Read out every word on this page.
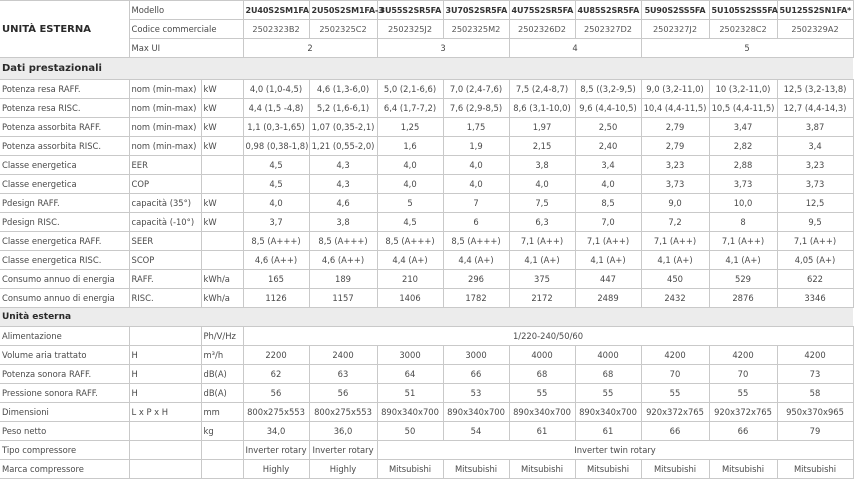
UNITÀ ESTERNA	Modello		2U40S2SM1FA	2U50S2SM1FA-3	3U55S2SR5FA	3U70S2SR5FA	4U75S2SR5FA	4U85S2SR5FA	5U90S2SS5FA	5U105S2SS5FA	5U125S2SN1FA*
	Codice commerciale		2502323B2	2502325C2	2502325J2	2502325M2	2502326D2	2502327D2	2502327J2	2502328C2	2502329A2
	Max UI		2		3		4		5		
Dati prestazionali											
Potenza resa RAFF.	nom (min-max)	kW	4,0 (1,0-4,5)	4,6 (1,3-6,0)	5,0 (2,1-6,6)	7,0 (2,4-7,6)	7,5 (2,4-8,7)	8,5 ((3,2-9,5)	9,0 (3,2-11,0)	10 (3,2-11,0)	12,5 (3,2-13,8)
Potenza resa RISC.	nom (min-max)	kW	4,4 (1,5 -4,8)	5,2 (1,6-6,1)	6,4 (1,7-7,2)	7,6 (2,9-8,5)	8,6 (3,1-10,0)	9,6 (4,4-10,5)	10,4 (4,4-11,5)	10,5 (4,4-11,5)	12,7 (4,4-14,3)
Potenza assorbita RAFF.	nom (min-max)	kW	1,1 (0,3-1,65)	1,07 (0,35-2,1)	1,25	1,75	1,97	2,50	2,79	3,47	3,87
Potenza assorbita RISC.	nom (min-max)	kW	0,98 (0,38-1,8)	1,21 (0,55-2,0)	1,6	1,9	2,15	2,40	2,79	2,82	3,4
Classe energetica	EER		4,5	4,3	4,0	4,0	3,8	3,4	3,23	2,88	3,23
Classe energetica	COP		4,5	4,3	4,0	4,0	4,0	4,0	3,73	3,73	3,73
Pdesign RAFF.	capacità (35°)	kW	4,0	4,6	5	7	7,5	8,5	9,0	10,0	12,5
Pdesign RISC.	capacità (-10°)	kW	3,7	3,8	4,5	6	6,3	7,0	7,2	8	9,5
Classe energetica RAFF.	SEER		8,5 (A+++)	8,5 (A+++)	8,5 (A+++)	8,5 (A+++)	7,1 (A++)	7,1 (A++)	7,1 (A++)	7,1 (A++)	7,1 (A++)
Classe energetica RISC.	SCOP		4,6 (A++)	4,6 (A++)	4,4 (A+)	4,4 (A+)	4,1 (A+)	4,1 (A+)	4,1 (A+)	4,1 (A+)	4,05 (A+)
Consumo annuo di energia	RAFF.	kWh/a	165	189	210	296	375	447	450	529	622
Consumo annuo di energia	RISC.	kWh/a	1126	1157	1406	1782	2172	2489	2432	2876	3346
Unità esterna											
Alimentazione		Ph/V/Hz	1/220-240/50/60								
Volume aria trattato	H	m³/h	2200	2400	3000	3000	4000	4000	4200	4200	4200
Potenza sonora RAFF.	H	dB(A)	62	63	64	66	68	68	70	70	73
Pressione sonora RAFF.	H	dB(A)	56	56	51	53	55	55	55	55	58
Dimensioni	L x P x H	mm	800x275x553	800x275x553	890x340x700	890x340x700	890x340x700	890x340x700	920x372x765	920x372x765	950x370x965
Peso netto		kg	34,0	36,0	50	54	61	61	66	66	79
Tipo compressore			Inverter rotary	Inverter rotary	Inverter twin rotary						
Marca compressore			Highly	Highly	Mitsubishi	Mitsubishi	Mitsubishi	Mitsubishi	Mitsubishi	Mitsubishi	Mitsubishi
